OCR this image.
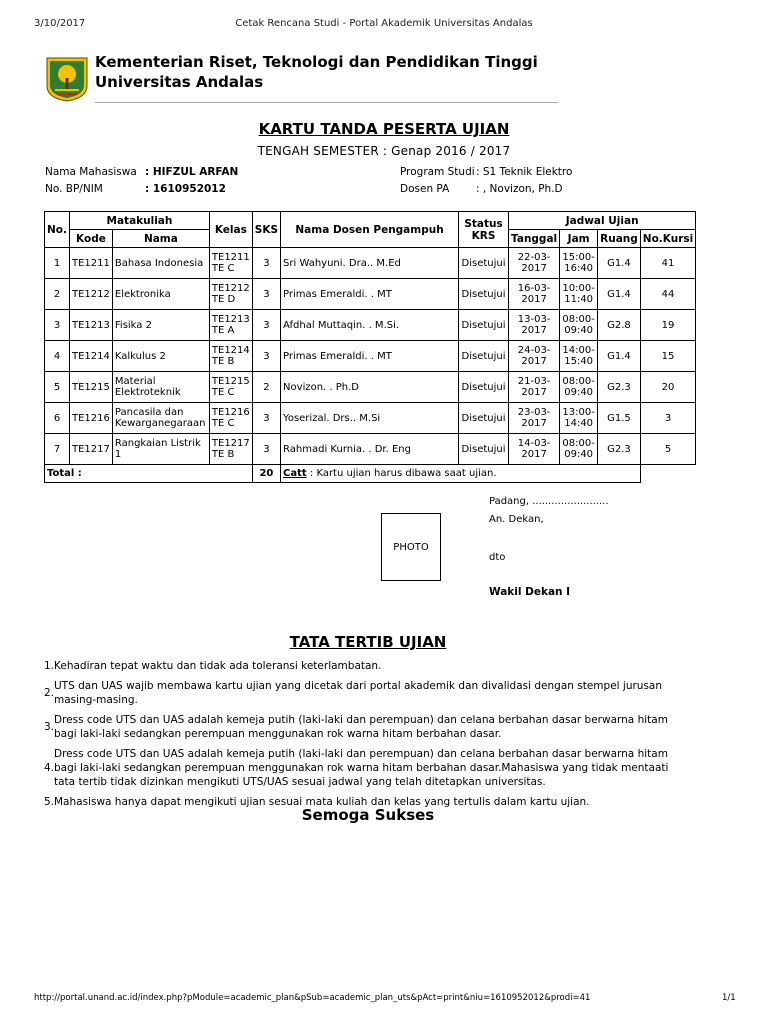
3/10/2017	Cetak Rencana Studi - Portal Akademik Universitas Andalas
Kementerian Riset, Teknologi dan Pendidikan Tinggi
Universitas Andalas
KARTU TANDA PESERTA UJIAN
TENGAH SEMESTER : Genap 2016 / 2017
Nama Mahasiswa : HIFZUL ARFAN
No. BP/NIM	: 1610952012
Program Studi : S1 Teknik Elektro
Dosen PA	: , Novizon, Ph.D
No.	Matakuliah		Kelas	SKS	Nama Dosen Pengampuh	Status KRS	Jadwal Ujian			
	Kode	Nama					Tanggal	Jam	Ruang	No.Kursi
1	TE1211	Bahasa Indonesia	TE1211 TE C	3	Sri Wahyuni. Dra.. M.Ed	Disetujui	22-03-2017	15:00-16:40	G1.4	41
2	TE1212	Elektronika	TE1212 TE D	3	Primas Emeraldi. . MT	Disetujui	16-03-2017	10:00-11:40	G1.4	44
3	TE1213	Fisika 2	TE1213 TE A	3	Afdhal Muttaqin. . M.Si.	Disetujui	13-03-2017	08:00-09:40	G2.8	19
4	TE1214	Kalkulus 2	TE1214 TE B	3	Primas Emeraldi. . MT	Disetujui	24-03-2017	14:00-15:40	G1.4	15
5	TE1215	Material Elektroteknik	TE1215 TE C	2	Novizon. . Ph.D	Disetujui	21-03-2017	08:00-09:40	G2.3	20
6	TE1216	Pancasila dan Kewarganegaraan	TE1216 TE C	3	Yoserizal. Drs.. M.Si	Disetujui	23-03-2017	13:00-14:40	G1.5	3
7	TE1217	Rangkaian Listrik 1	TE1217 TE B	3	Rahmadi Kurnia. . Dr. Eng	Disetujui	14-03-2017	08:00-09:40	G2.3	5
Total :				20	Catt : Kartu ujian harus dibawa saat ujian.					
PHOTO
Padang, ........................
An. Dekan,
dto
Wakil Dekan I
TATA TERTIB UJIAN
1. Kehadiran tepat waktu dan tidak ada toleransi keterlambatan.
2.
UTS dan UAS wajib membawa kartu ujian yang dicetak dari portal akademik dan divalidasi dengan stempel jurusan masing-masing.
3.
Dress code UTS dan UAS adalah kemeja putih (laki-laki dan perempuan) dan celana berbahan dasar berwarna hitam bagi laki-laki sedangkan perempuan menggunakan rok warna hitam berbahan dasar.
4.
Dress code UTS dan UAS adalah kemeja putih (laki-laki dan perempuan) dan celana berbahan dasar berwarna hitam bagi laki-laki sedangkan perempuan menggunakan rok warna hitam berbahan dasar.Mahasiswa yang tidak mentaati tata tertib tidak dizinkan mengikuti UTS/UAS sesuai jadwal yang telah ditetapkan universitas.
5. Mahasiswa hanya dapat mengikuti ujian sesuai mata kuliah dan kelas yang tertulis dalam kartu ujian.
Semoga Sukses
http://portal.unand.ac.id/index.php?pModule=academic_plan&pSub=academic_plan_uts&pAct=print&niu=1610952012&prodi=41	1/1
